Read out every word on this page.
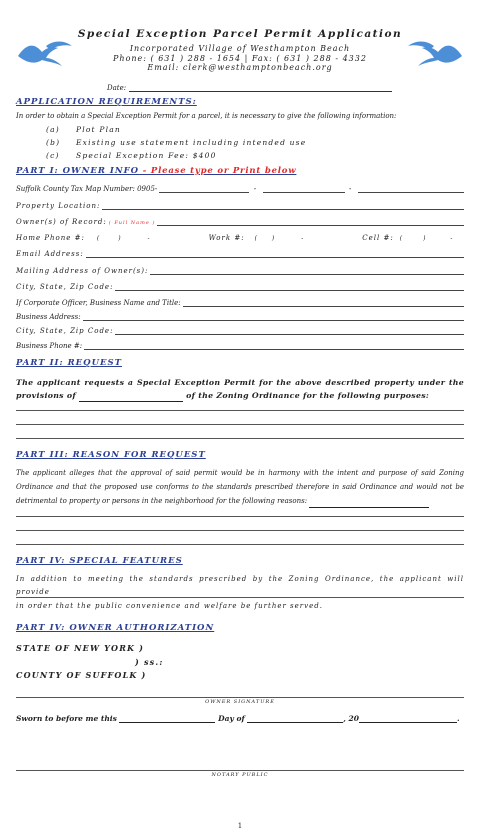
Special Exception Parcel Permit Application
Incorporated Village of Westhampton Beach
Phone: ( 631 ) 288 - 1654 | Fax: ( 631 ) 288 - 4332
Email: clerk@westhamptonbeach.org
Date:
APPLICATION REQUIREMENTS:
In order to obtain a Special Exception Permit for a parcel, it is necessary to give the following information:
(a) Plot Plan
(b) Existing use statement including intended use
(c) Special Exception Fee: $400
PART I: OWNER INFO - Please type or Print below
Suffolk County Tax Map Number: 0905-	-	-
Property Location:
Owner(s) of Record: ( Full Name )
Home Phone #: (	)	-	Work #: ( )	-	Cell #: (	)	-
Email Address:
Mailing Address of Owner(s):
City, State, Zip Code:
If Corporate Officer, Business Name and Title:
Business Address:
City, State, Zip Code:
Business Phone #:
PART II: REQUEST
The applicant requests a Special Exception Permit for the above described property under the provisions of	of the Zoning Ordinance for the following purposes:
PART III: REASON FOR REQUEST
The applicant alleges that the approval of said permit would be in harmony with the intent and purpose of said Zoning Ordinance and that the proposed use conforms to the standards prescribed therefore in said Ordinance and would not be detrimental to property or persons in the neighborhood for the following reasons:
PART IV: SPECIAL FEATURES
In addition to meeting the standards prescribed by the Zoning Ordinance, the applicant will provide
in order that the public convenience and welfare be further served.
PART IV: OWNER AUTHORIZATION
STATE OF NEW YORK )
) ss.:
COUNTY OF SUFFOLK )
OWNER SIGNATURE
Sworn to before me this	Day of	, 20	.
NOTARY PUBLIC
1
